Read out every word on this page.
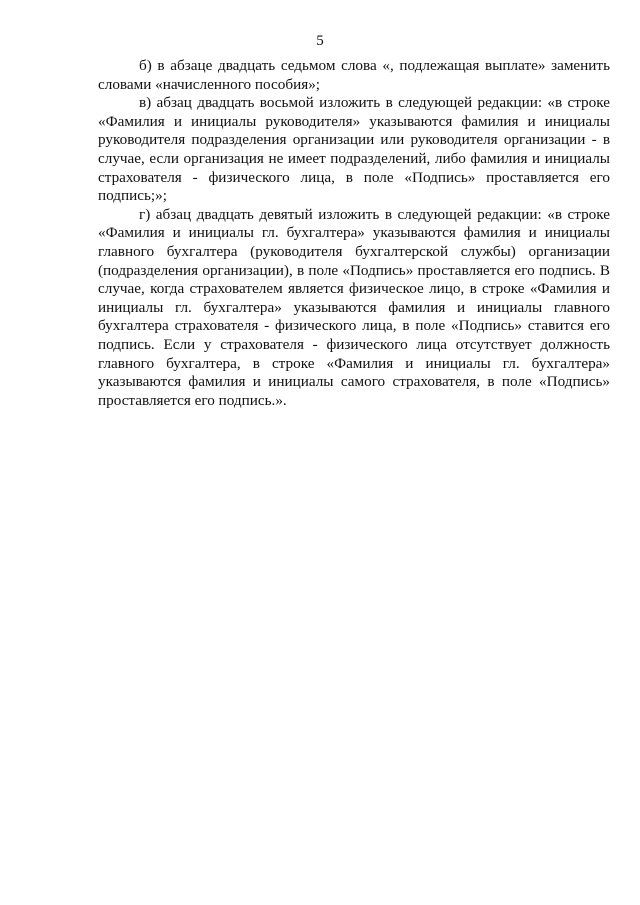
5

б) в абзаце двадцать седьмом слова «, подлежащая выплате» заменить словами «начисленного пособия»;

в) абзац двадцать восьмой изложить в следующей редакции: «в строке «Фамилия и инициалы руководителя» указываются фамилия и инициалы руководителя подразделения организации или руководителя организации - в случае, если организация не имеет подразделений, либо фамилия и инициалы страхователя - физического лица, в поле «Подпись» проставляется его подпись;»;

г) абзац двадцать девятый изложить в следующей редакции: «в строке «Фамилия и инициалы гл. бухгалтера» указываются фамилия и инициалы главного бухгалтера (руководителя бухгалтерской службы) организации (подразделения организации), в поле «Подпись» проставляется его подпись. В случае, когда страхователем является физическое лицо, в строке «Фамилия и инициалы гл. бухгалтера» указываются фамилия и инициалы главного бухгалтера страхователя - физического лица, в поле «Подпись» ставится его подпись. Если у страхователя - физического лица отсутствует должность главного бухгалтера, в строке «Фамилия и инициалы гл. бухгалтера» указываются фамилия и инициалы самого страхователя, в поле «Подпись» проставляется его подпись.».
